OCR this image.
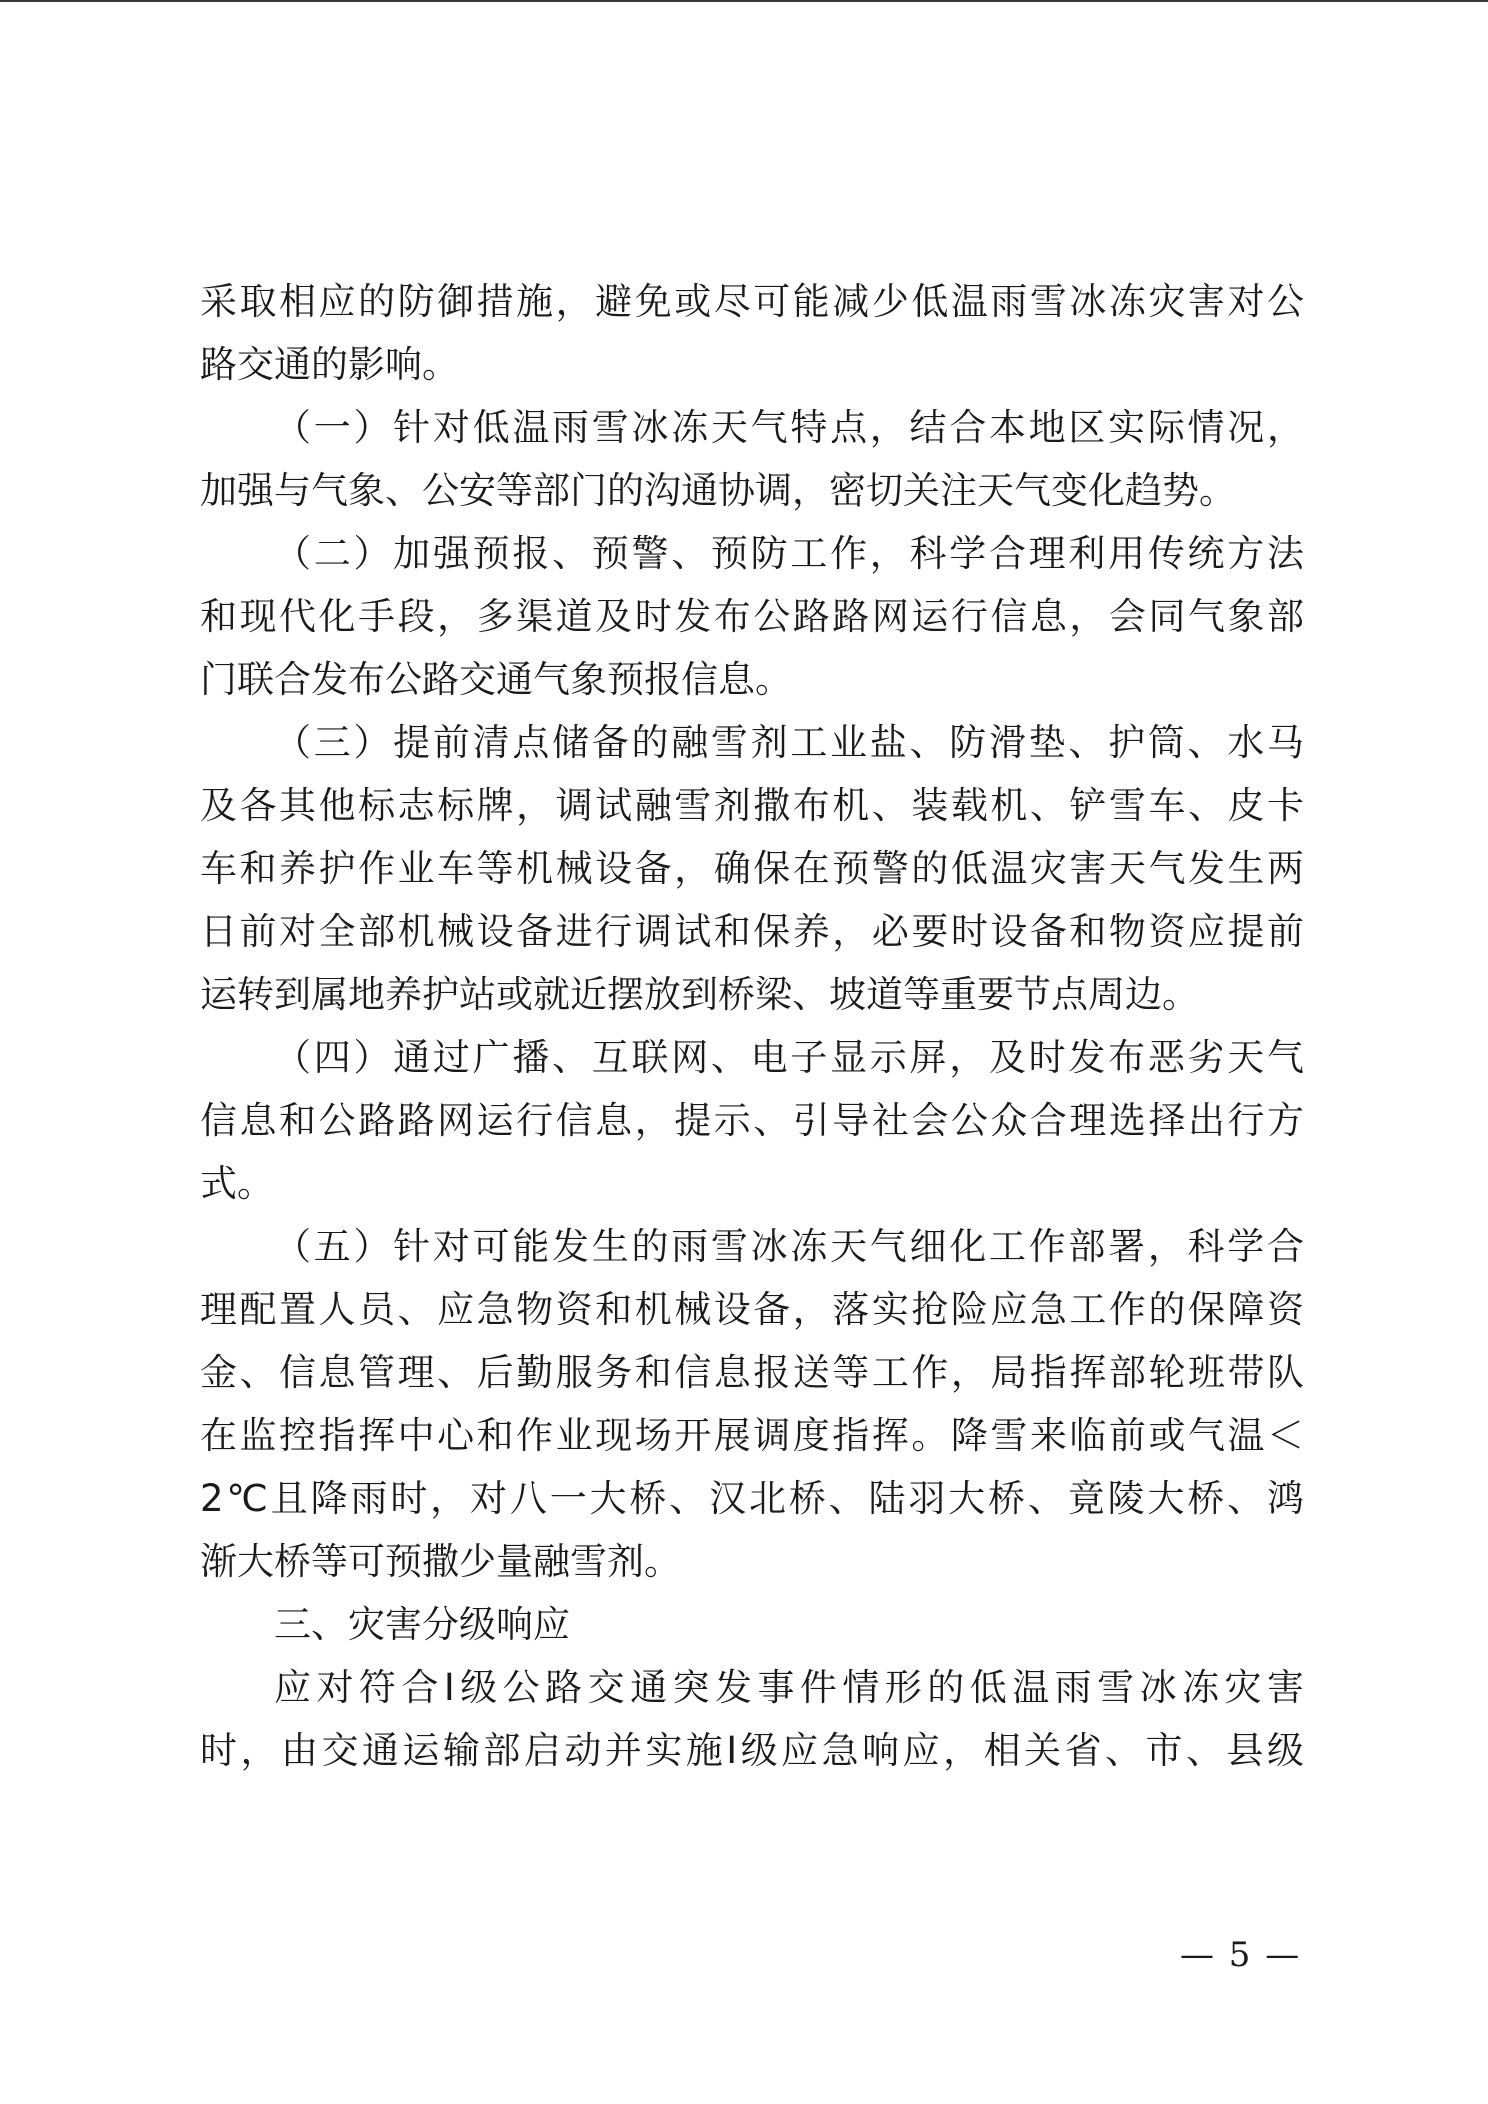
采取相应的防御措施，避免或尽可能减少低温雨雪冰冻灾害对公
路交通的影响。
（一）针对低温雨雪冰冻天气特点，结合本地区实际情况，
加强与气象、公安等部门的沟通协调，密切关注天气变化趋势。
（二）加强预报、预警、预防工作，科学合理利用传统方法
和现代化手段，多渠道及时发布公路路网运行信息，会同气象部
门联合发布公路交通气象预报信息。
（三）提前清点储备的融雪剂工业盐、防滑垫、护筒、水马
及各其他标志标牌，调试融雪剂撒布机、装载机、铲雪车、皮卡
车和养护作业车等机械设备，确保在预警的低温灾害天气发生两
日前对全部机械设备进行调试和保养，必要时设备和物资应提前
运转到属地养护站或就近摆放到桥梁、坡道等重要节点周边。
（四）通过广播、互联网、电子显示屏，及时发布恶劣天气
信息和公路路网运行信息，提示、引导社会公众合理选择出行方
式。
（五）针对可能发生的雨雪冰冻天气细化工作部署，科学合
理配置人员、应急物资和机械设备，落实抢险应急工作的保障资
金、信息管理、后勤服务和信息报送等工作，局指挥部轮班带队
在监控指挥中心和作业现场开展调度指挥。降雪来临前或气温＜
2℃且降雨时，对八一大桥、汉北桥、陆羽大桥、竟陵大桥、鸿
渐大桥等可预撒少量融雪剂。
三、灾害分级响应
应对符合Ⅰ级公路交通突发事件情形的低温雨雪冰冻灾害
时，由交通运输部启动并实施Ⅰ级应急响应，相关省、市、县级
— 5 —
